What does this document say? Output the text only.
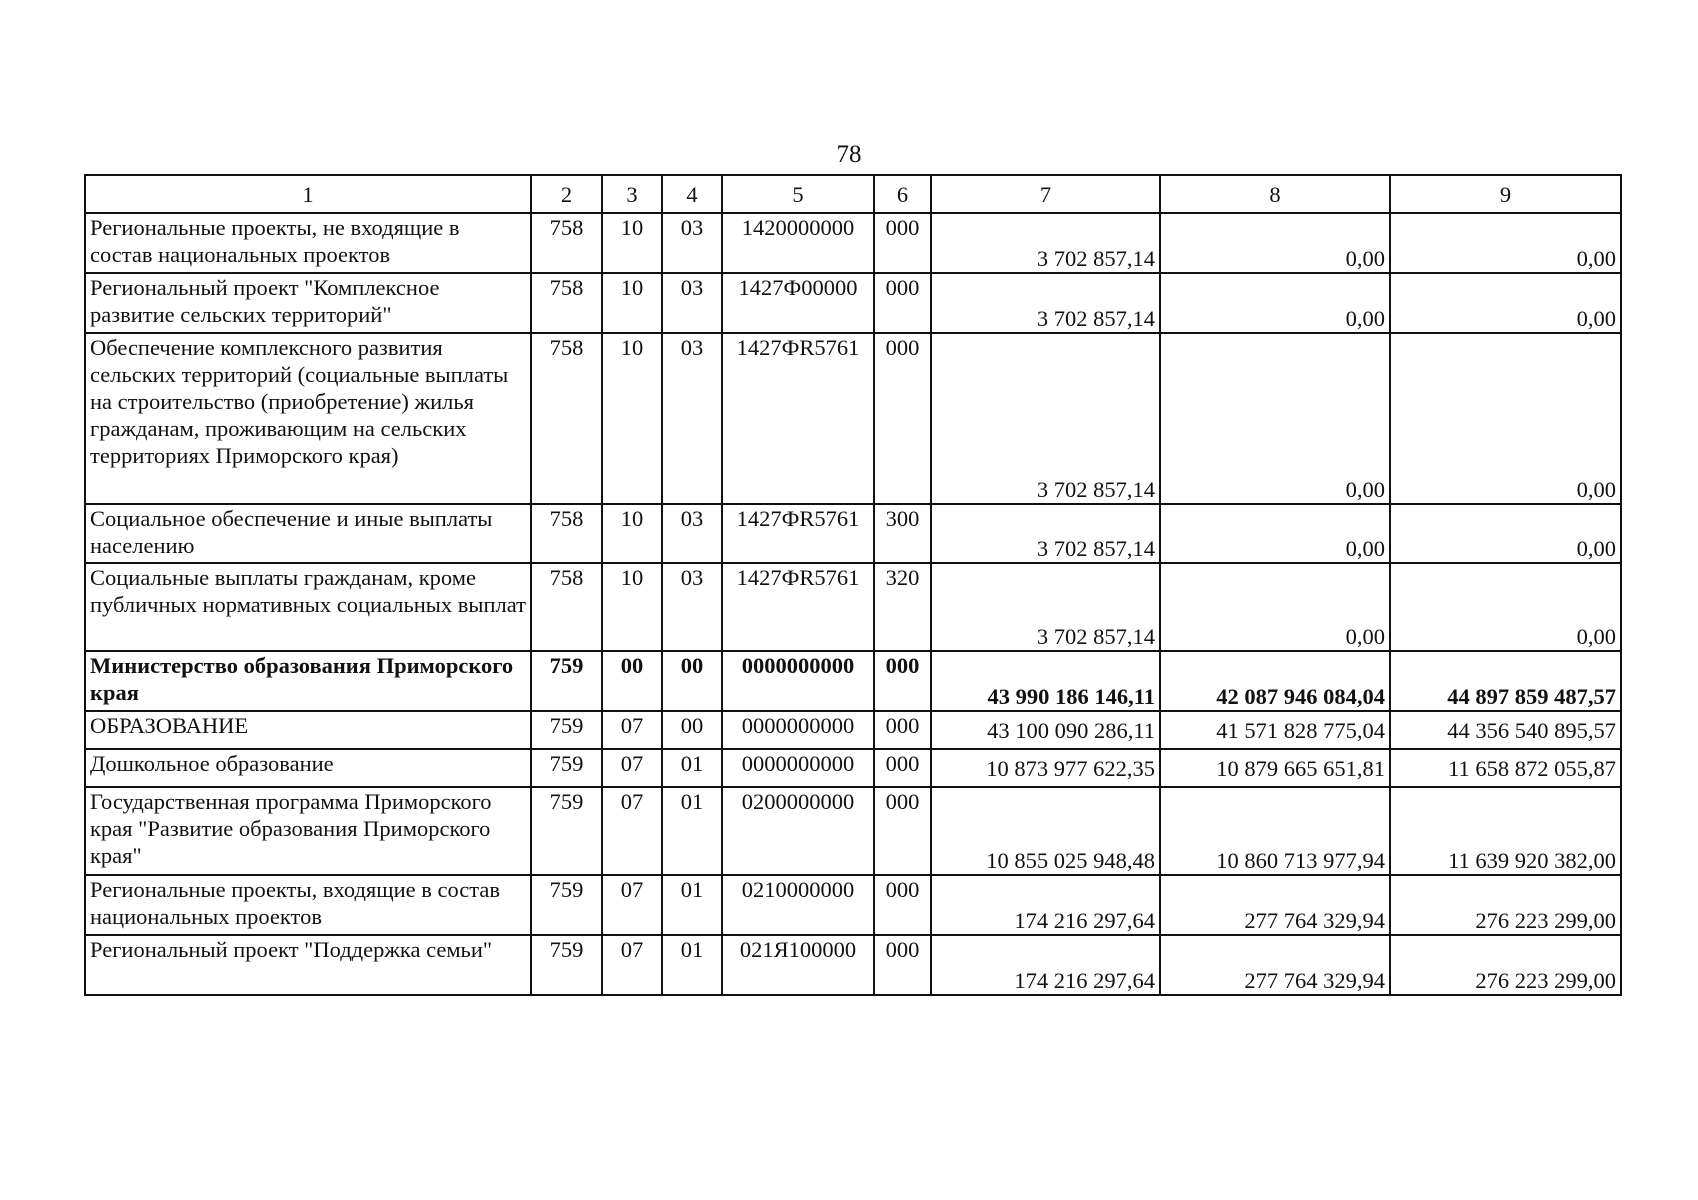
78
1	2	3	4	5	6	7	8	9
Региональные проекты, не входящие в состав национальных проектов	758	10	03	1420000000	000	3 702 857,14	0,00	0,00
Региональный проект "Комплексное развитие сельских территорий"	758	10	03	1427Ф00000	000	3 702 857,14	0,00	0,00
Обеспечение комплексного развития сельских территорий (социальные выплаты на строительство (приобретение) жилья гражданам, проживающим на сельских территориях Приморского края)	758	10	03	1427ФR5761	000	3 702 857,14	0,00	0,00
Социальное обеспечение и иные выплаты населению	758	10	03	1427ФR5761	300	3 702 857,14	0,00	0,00
Социальные выплаты гражданам, кроме публичных нормативных социальных выплат	758	10	03	1427ФR5761	320	3 702 857,14	0,00	0,00
Министерство образования Приморского края	759	00	00	0000000000	000	43 990 186 146,11	42 087 946 084,04	44 897 859 487,57
ОБРАЗОВАНИЕ	759	07	00	0000000000	000	43 100 090 286,11	41 571 828 775,04	44 356 540 895,57
Дошкольное образование	759	07	01	0000000000	000	10 873 977 622,35	10 879 665 651,81	11 658 872 055,87
Государственная программа Приморского края "Развитие образования Приморского края"	759	07	01	0200000000	000	10 855 025 948,48	10 860 713 977,94	11 639 920 382,00
Региональные проекты, входящие в состав национальных проектов	759	07	01	0210000000	000	174 216 297,64	277 764 329,94	276 223 299,00
Региональный проект "Поддержка семьи"	759	07	01	021Я100000	000	174 216 297,64	277 764 329,94	276 223 299,00
